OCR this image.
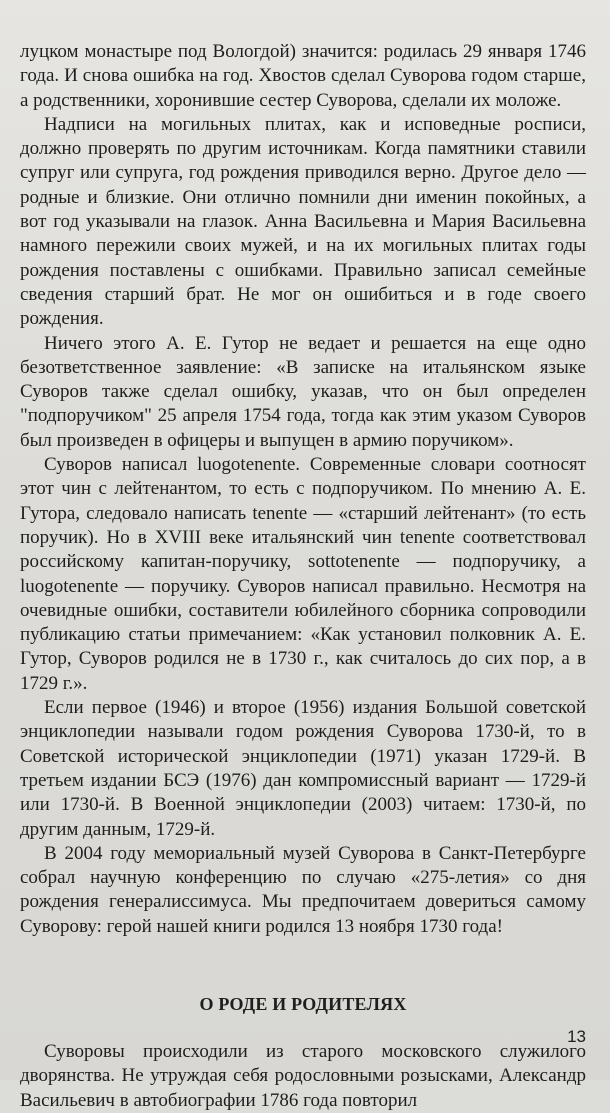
луцком монастыре под Вологдой) значится: родилась 29 января 1746 года. И снова ошибка на год. Хвостов сделал Суворова годом старше, а родственники, хоронившие сестер Суворова, сделали их моложе.

Надписи на могильных плитах, как и исповедные росписи, должно проверять по другим источникам. Когда памятники ставили супруг или супруга, год рождения приводился верно. Другое дело — родные и близкие. Они отлично помнили дни именин покойных, а вот год указывали на глазок. Анна Васильевна и Мария Васильевна намного пережили своих мужей, и на их могильных плитах годы рождения поставлены с ошибками. Правильно записал семейные сведения старший брат. Не мог он ошибиться и в годе своего рождения.

Ничего этого А. Е. Гутор не ведает и решается на еще одно безответственное заявление: «В записке на итальянском языке Суворов также сделал ошибку, указав, что он был определен "подпоручиком" 25 апреля 1754 года, тогда как этим указом Суворов был произведен в офицеры и выпущен в армию поручиком».

Суворов написал luogotenente. Современные словари соотносят этот чин с лейтенантом, то есть с подпоручиком. По мнению А. Е. Гутора, следовало написать tenente — «старший лейтенант» (то есть поручик). Но в XVIII веке итальянский чин tenente соответствовал российскому капитан-поручику, sottotenente — подпоручику, а luogotenente — поручику. Суворов написал правильно. Несмотря на очевидные ошибки, составители юбилейного сборника сопроводили публикацию статьи примечанием: «Как установил полковник А. Е. Гутор, Суворов родился не в 1730 г., как считалось до сих пор, а в 1729 г.».

Если первое (1946) и второе (1956) издания Большой советской энциклопедии называли годом рождения Суворова 1730-й, то в Советской исторической энциклопедии (1971) указан 1729-й. В третьем издании БСЭ (1976) дан компромиссный вариант — 1729-й или 1730-й. В Военной энциклопедии (2003) читаем: 1730-й, по другим данным, 1729-й.

В 2004 году мемориальный музей Суворова в Санкт-Петербурге собрал научную конференцию по случаю «275-летия» со дня рождения генералиссимуса. Мы предпочитаем довериться самому Суворову: герой нашей книги родился 13 ноября 1730 года!

О РОДЕ И РОДИТЕЛЯХ

Суворовы происходили из старого московского служилого дворянства. Не утруждая себя родословными розысками, Александр Васильевич в автобиографии 1786 года повторил

13
